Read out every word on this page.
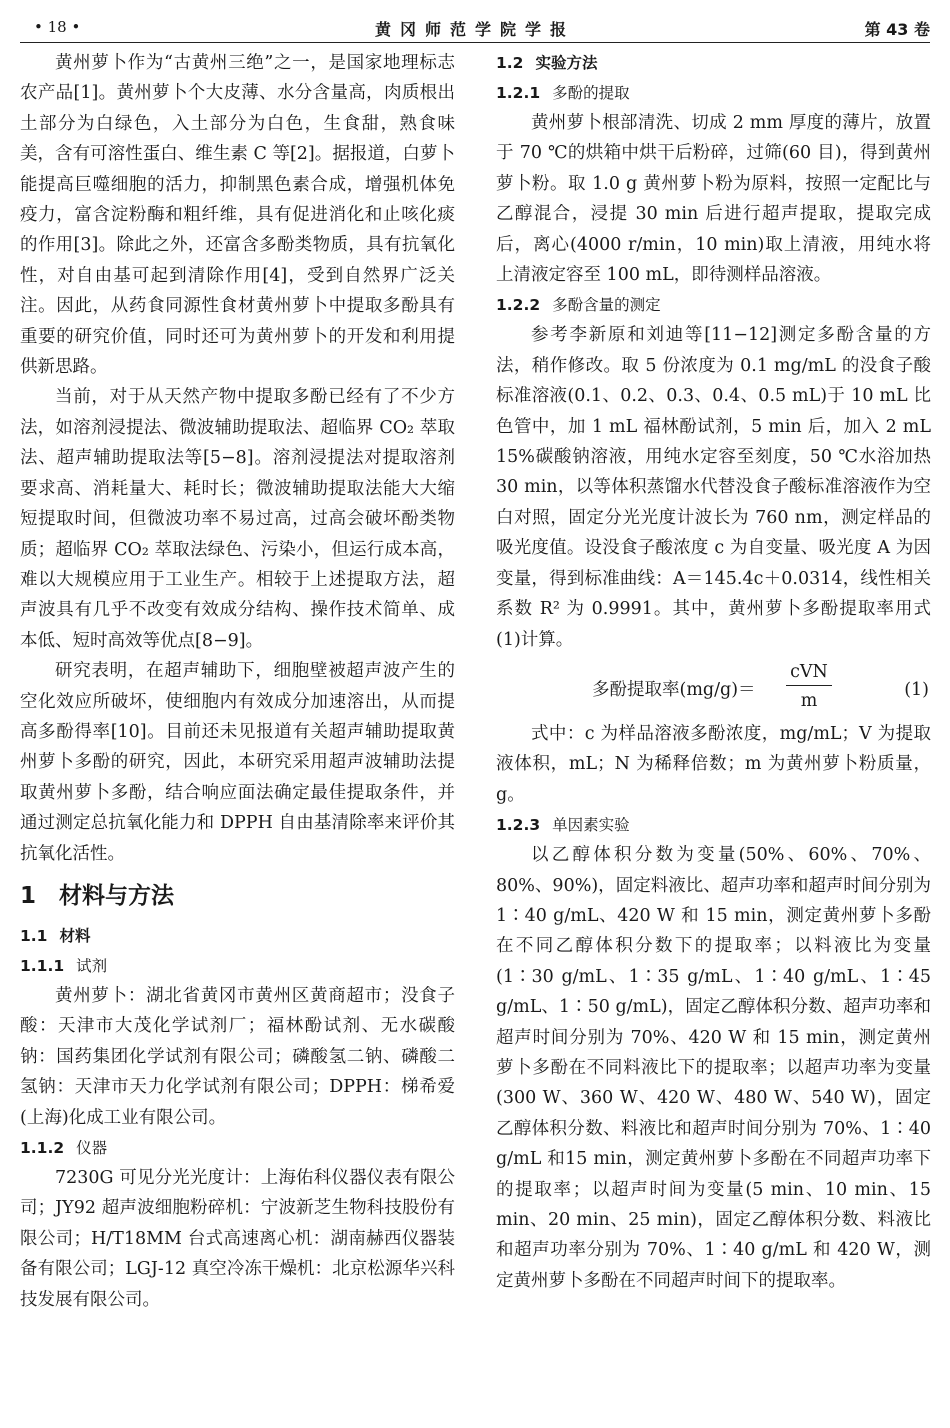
• 18 •	黄冈师范学院学报	第 43 卷

黄州萝卜作为“古黄州三绝”之一，是国家地理标志农产品[1]。黄州萝卜个大皮薄、水分含量高，肉质根出土部分为白绿色，入土部分为白色，生食甜，熟食味美，含有可溶性蛋白、维生素 C 等[2]。据报道，白萝卜能提高巨噬细胞的活力，抑制黑色素合成，增强机体免疫力，富含淀粉酶和粗纤维，具有促进消化和止咳化痰的作用[3]。除此之外，还富含多酚类物质，具有抗氧化性，对自由基可起到清除作用[4]，受到自然界广泛关注。因此，从药食同源性食材黄州萝卜中提取多酚具有重要的研究价值，同时还可为黄州萝卜的开发和利用提供新思路。

当前，对于从天然产物中提取多酚已经有了不少方法，如溶剂浸提法、微波辅助提取法、超临界 CO₂ 萃取法、超声辅助提取法等[5−8]。溶剂浸提法对提取溶剂要求高、消耗量大、耗时长；微波辅助提取法能大大缩短提取时间，但微波功率不易过高，过高会破坏酚类物质；超临界 CO₂ 萃取法绿色、污染小，但运行成本高，难以大规模应用于工业生产。相较于上述提取方法，超声波具有几乎不改变有效成分结构、操作技术简单、成本低、短时高效等优点[8−9]。

研究表明，在超声辅助下，细胞壁被超声波产生的空化效应所破坏，使细胞内有效成分加速溶出，从而提高多酚得率[10]。目前还未见报道有关超声辅助提取黄州萝卜多酚的研究，因此，本研究采用超声波辅助法提取黄州萝卜多酚，结合响应面法确定最佳提取条件，并通过测定总抗氧化能力和 DPPH 自由基清除率来评价其抗氧化活性。

1　材料与方法
1.1 材料
1.1.1 试剂

黄州萝卜：湖北省黄冈市黄州区黄商超市；没食子酸：天津市大茂化学试剂厂；福林酚试剂、无水碳酸钠：国药集团化学试剂有限公司；磷酸氢二钠、磷酸二氢钠：天津市天力化学试剂有限公司；DPPH：梯希爱(上海)化成工业有限公司。

1.1.2 仪器

7230G 可见分光光度计：上海佑科仪器仪表有限公司；JY92 超声波细胞粉碎机：宁波新芝生物科技股份有限公司；H/T18MM 台式高速离心机：湖南赫西仪器装备有限公司；LGJ-12 真空冷冻干燥机：北京松源华兴科技发展有限公司。

1.2 实验方法
1.2.1 多酚的提取

黄州萝卜根部清洗、切成 2 mm 厚度的薄片，放置于 70 ℃的烘箱中烘干后粉碎，过筛(60 目)，得到黄州萝卜粉。取 1.0 g 黄州萝卜粉为原料，按照一定配比与乙醇混合，浸提 30 min 后进行超声提取，提取完成后，离心(4000 r/min，10 min)取上清液，用纯水将上清液定容至 100 mL，即待测样品溶液。

1.2.2 多酚含量的测定

参考李新原和刘迪等[11−12]测定多酚含量的方法，稍作修改。取 5 份浓度为 0.1 mg/mL 的没食子酸标准溶液(0.1、0.2、0.3、0.4、0.5 mL)于 10 mL 比色管中，加 1 mL 福林酚试剂，5 min 后，加入 2 mL 15%碳酸钠溶液，用纯水定容至刻度，50 ℃水浴加热 30 min，以等体积蒸馏水代替没食子酸标准溶液作为空白对照，固定分光光度计波长为 760 nm，测定样品的吸光度值。设没食子酸浓度 c 为自变量、吸光度 A 为因变量，得到标准曲线：A＝145.4c＋0.0314，线性相关系数 R² 为 0.9991。其中，黄州萝卜多酚提取率用式(1)计算。

多酚提取率(mg/g)＝
cVN
m
(1)

式中：c 为样品溶液多酚浓度，mg/mL；V 为提取液体积，mL；N 为稀释倍数；m 为黄州萝卜粉质量，g。

1.2.3 单因素实验

以乙醇体积分数为变量(50%、60%、70%、80%、90%)，固定料液比、超声功率和超声时间分别为 1∶40 g/mL、420 W 和 15 min，测定黄州萝卜多酚在不同乙醇体积分数下的提取率；以料液比为变量(1∶30 g/mL、1∶35 g/mL、1∶40 g/mL、1∶45 g/mL、1∶50 g/mL)，固定乙醇体积分数、超声功率和超声时间分别为 70%、420 W 和 15 min，测定黄州萝卜多酚在不同料液比下的提取率；以超声功率为变量(300 W、360 W、420 W、480 W、540 W)，固定乙醇体积分数、料液比和超声时间分别为 70%、1∶40 g/mL 和15 min，测定黄州萝卜多酚在不同超声功率下的提取率；以超声时间为变量(5 min、10 min、15 min、20 min、25 min)，固定乙醇体积分数、料液比和超声功率分别为 70%、1∶40 g/mL 和 420 W，测定黄州萝卜多酚在不同超声时间下的提取率。
